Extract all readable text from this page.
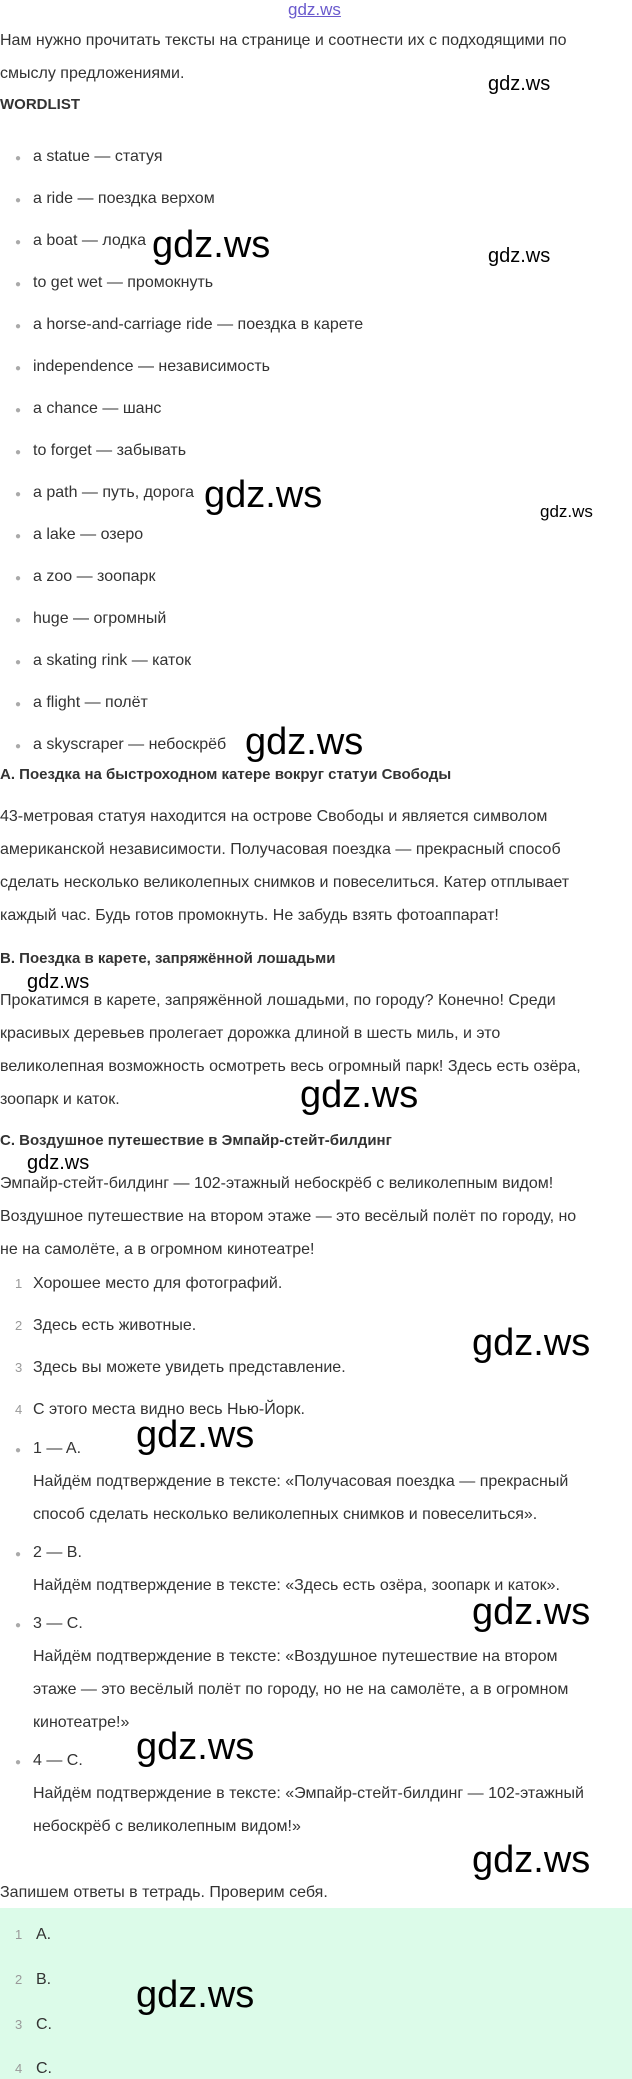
gdz.ws
Нам нужно прочитать тексты на странице и соотнести их с подходящими по
смыслу предложениями.
WORDLIST
● a statue — статуя
● a ride — поездка верхом
● a boat — лодка
● to get wet — промокнуть
● a horse-and-carriage ride — поездка в карете
● independence — независимость
● a chance — шанс
● to forget — забывать
● a path — путь, дорога
● a lake — озеро
● a zoo — зоопарк
● huge — огромный
● a skating rink — каток
● a flight — полёт
● a skyscraper — небоскрёб
A. Поездка на быстроходном катере вокруг статуи Свободы
43-метровая статуя находится на острове Свободы и является символом
американской независимости. Получасовая поездка — прекрасный способ
сделать несколько великолепных снимков и повеселиться. Катер отплывает
каждый час. Будь готов промокнуть. Не забудь взять фотоаппарат!
B. Поездка в карете, запряжённой лошадьми
Прокатимся в карете, запряжённой лошадьми, по городу? Конечно! Среди
красивых деревьев пролегает дорожка длиной в шесть миль, и это
великолепная возможность осмотреть весь огромный парк! Здесь есть озёра,
зоопарк и каток.
C. Воздушное путешествие в Эмпайр-стейт-билдинг
Эмпайр-стейт-билдинг — 102-этажный небоскрёб с великолепным видом!
Воздушное путешествие на втором этаже — это весёлый полёт по городу, но
не на самолёте, а в огромном кинотеатре!
1 Хорошее место для фотографий.
2 Здесь есть животные.
3 Здесь вы можете увидеть представление.
4 С этого места видно весь Нью-Йорк.
● 1 — A.
Найдём подтверждение в тексте: «Получасовая поездка — прекрасный
способ сделать несколько великолепных снимков и повеселиться».
● 2 — B.
Найдём подтверждение в тексте: «Здесь есть озёра, зоопарк и каток».
● 3 — C.
Найдём подтверждение в тексте: «Воздушное путешествие на втором
этаже — это весёлый полёт по городу, но не на самолёте, а в огромном
кинотеатре!»
● 4 — C.
Найдём подтверждение в тексте: «Эмпайр-стейт-билдинг — 102-этажный
небоскрёб с великолепным видом!»
Запишем ответы в тетрадь. Проверим себя.
1 A.
2 B.
3 C.
4 C.
gdz.ws
gdz.ws	gdz.ws
gdz.ws	gdz.ws
gdz.ws
gdz.ws
gdz.ws
gdz.ws
gdz.ws
gdz.ws
gdz.ws
gdz.ws
gdz.ws
gdz.ws
